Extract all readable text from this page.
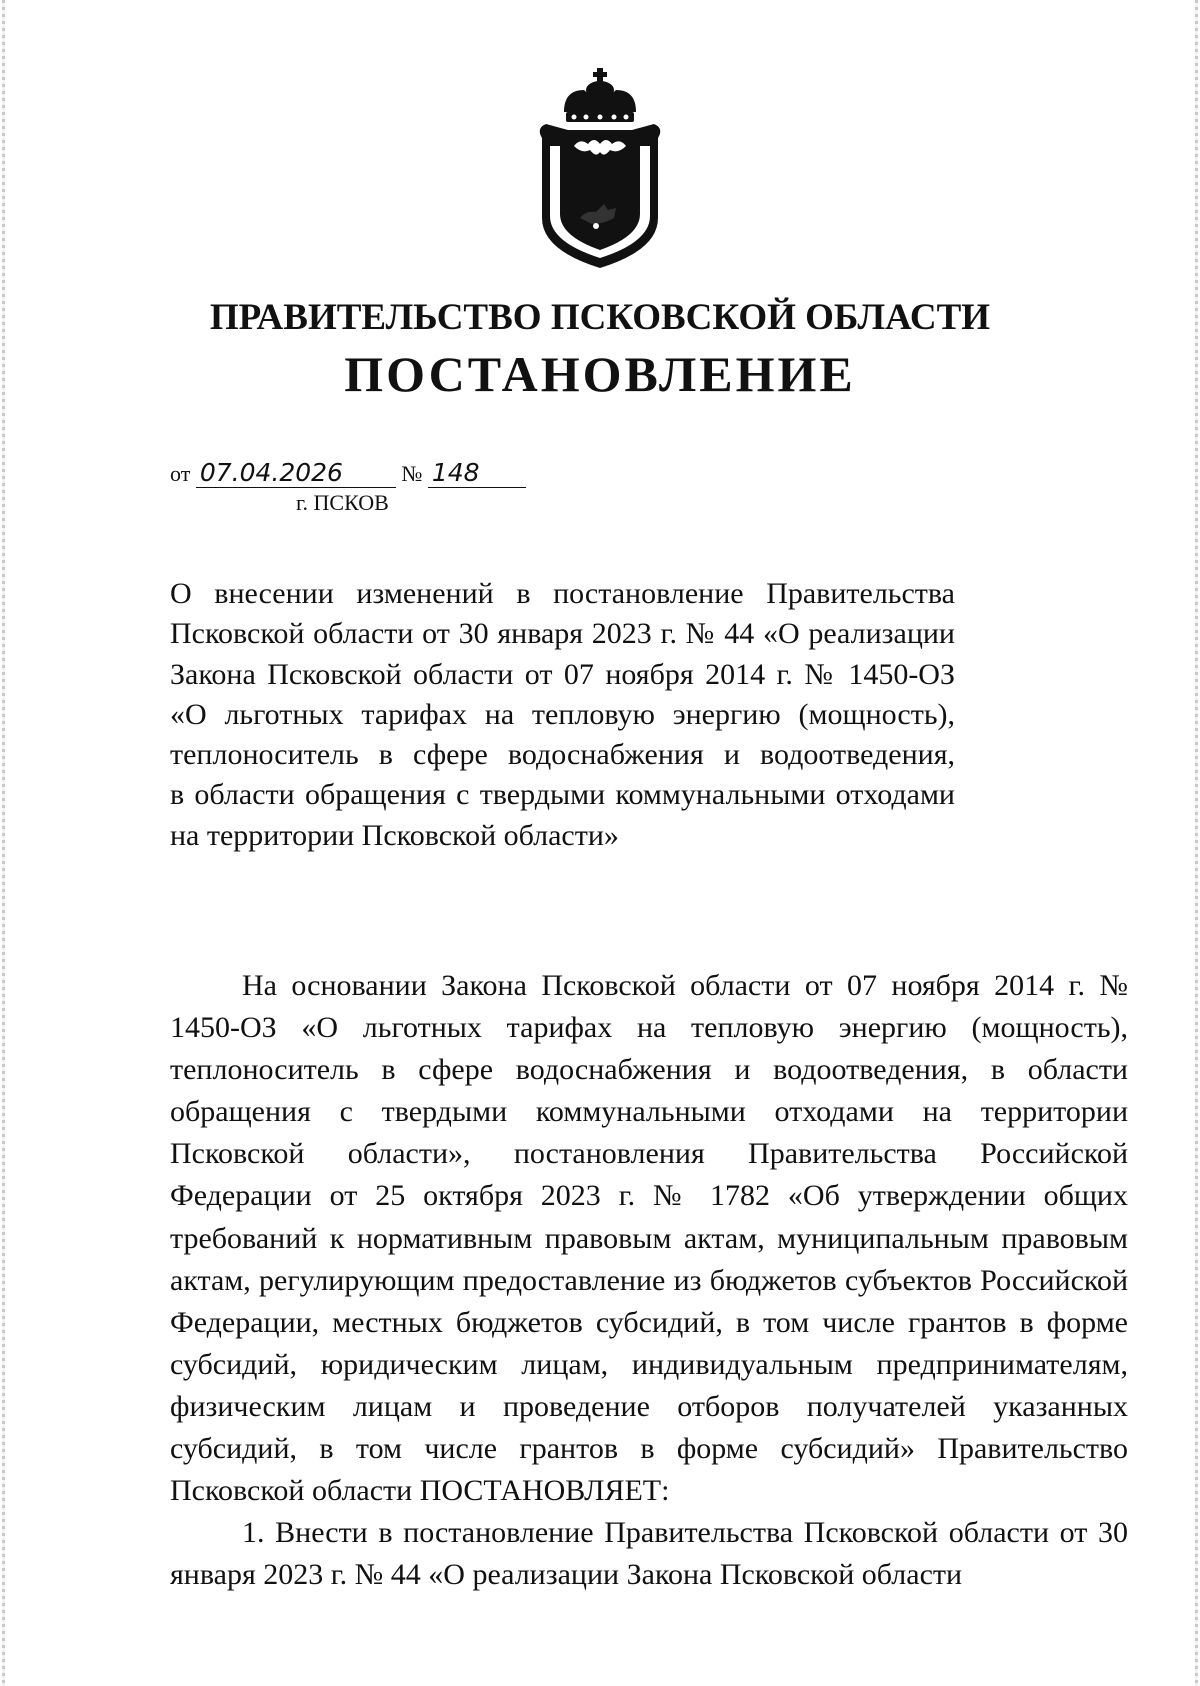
ПРАВИТЕЛЬСТВО ПСКОВСКОЙ ОБЛАСТИ
ПОСТАНОВЛЕНИЕ
от 07.04.2026	№ 148
г. ПСКОВ
О внесении изменений в постановление Правительства
Псковской области от 30 января 2023 г. № 44 «О реализации
Закона Псковской области от 07 ноября 2014 г. № 1450-ОЗ
«О льготных тарифах на тепловую энергию (мощность),
теплоноситель в сфере водоснабжения и водоотведения,
в области обращения с твердыми коммунальными отходами
на территории Псковской области»

На основании Закона Псковской области от 07 ноября 2014 г. № 1450-ОЗ «О льготных тарифах на тепловую энергию (мощность), теплоноситель в сфере водоснабжения и водоотведения, в области обращения с твердыми коммунальными отходами на территории Псковской области», постановления Правительства Российской Федерации от 25 октября 2023 г. № 1782 «Об утверждении общих требований к нормативным правовым актам, муниципальным правовым актам, регулирующим предоставление из бюджетов субъектов Российской Федерации, местных бюджетов субсидий, в том числе грантов в форме субсидий, юридическим лицам, индивидуальным предпринимателям, физическим лицам и проведение отборов получателей указанных субсидий, в том числе грантов в форме субсидий» Правительство Псковской области ПОСТАНОВЛЯЕТ:

1. Внести в постановление Правительства Псковской области от 30 января 2023 г. № 44 «О реализации Закона Псковской области
